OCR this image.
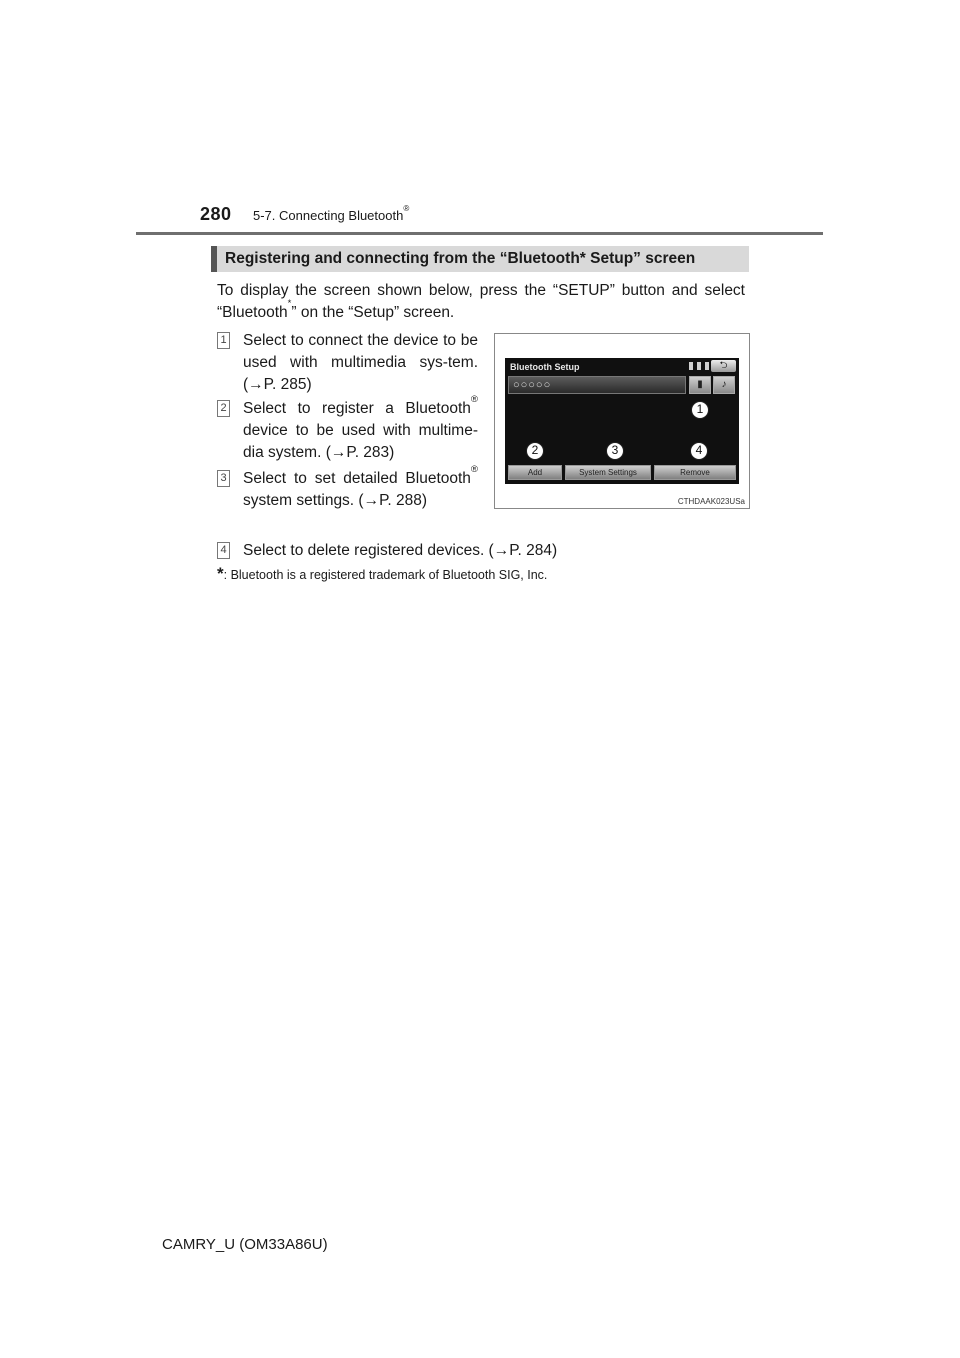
280 5-7. Connecting Bluetooth®
Registering and connecting from the “Bluetooth* Setup” screen
To display the screen shown below, press the “SETUP” button and select “Bluetooth*” on the “Setup” screen.
1 Select to connect the device to be used with multimedia sys-tem. (→P. 285)
2 Select to register a Bluetooth® device to be used with multime-dia system. (→P. 283)
3 Select to set detailed Bluetooth® system settings. (→P. 288)
4 Select to delete registered devices. (→P. 284)
*: Bluetooth is a registered trademark of Bluetooth SIG, Inc.
Bluetooth Setup	⮌
○○○○○	▮	♪
Add	System Settings	Remove
1
2	3	4
CTHDAAK023USa
CAMRY_U (OM33A86U)
